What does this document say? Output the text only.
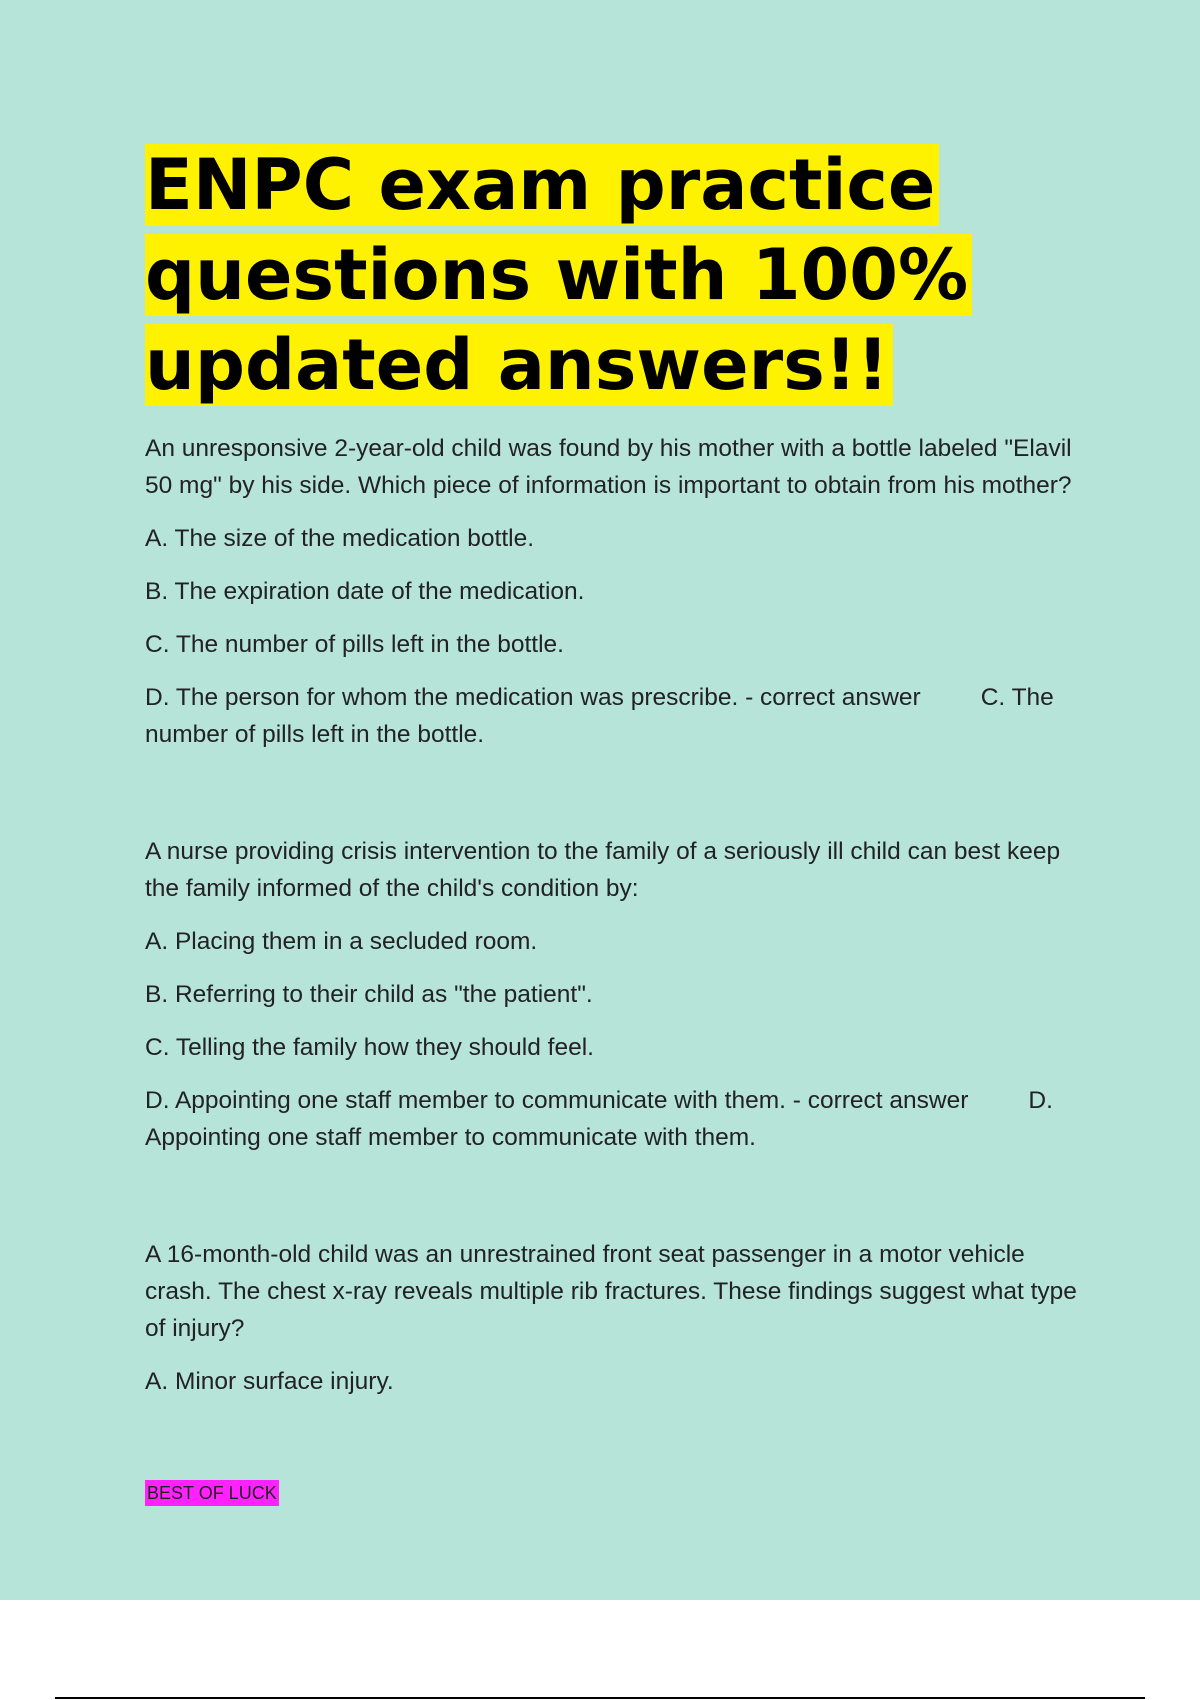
ENPC exam practice questions with 100% updated answers!!

An unresponsive 2-year-old child was found by his mother with a bottle labeled "Elavil 50 mg" by his side. Which piece of information is important to obtain from his mother?

A. The size of the medication bottle.

B. The expiration date of the medication.

C. The number of pills left in the bottle.

D. The person for whom the medication was prescribe. - correct answer C. The number of pills left in the bottle.

A nurse providing crisis intervention to the family of a seriously ill child can best keep the family informed of the child's condition by:

A. Placing them in a secluded room.

B. Referring to their child as "the patient".

C. Telling the family how they should feel.

D. Appointing one staff member to communicate with them. - correct answer D. Appointing one staff member to communicate with them.

A 16-month-old child was an unrestrained front seat passenger in a motor vehicle crash. The chest x-ray reveals multiple rib fractures. These findings suggest what type of injury?

A. Minor surface injury.

BEST OF LUCK
